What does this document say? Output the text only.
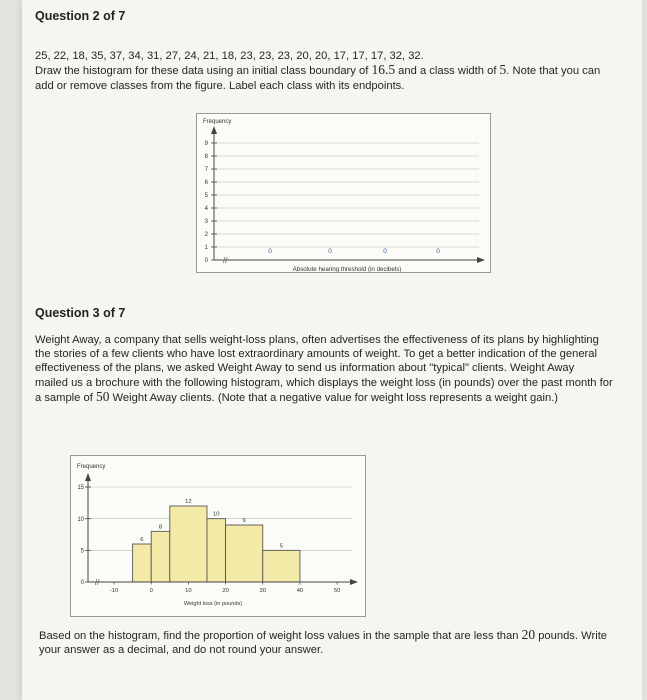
Question 2 of 7
25, 22, 18, 35, 37, 34, 31, 27, 24, 21, 18, 23, 23, 23, 20, 20, 17, 17, 17, 32, 32.
Draw the histogram for these data using an initial class boundary of 16.5 and a class width of 5. Note that you can
add or remove classes from the figure. Label each class with its endpoints.
Frequency
0
1
2
3
4
5
6
7
8
9
//
0	0	0	0
Absolute hearing threshold (in decibels)
Question 3 of 7
Weight Away, a company that sells weight-loss plans, often advertises the effectiveness of its plans by highlighting
the stories of a few clients who have lost extraordinary amounts of weight. To get a better indication of the general
effectiveness of the plans, we asked Weight Away to send us information about "typical" clients. Weight Away
mailed us a brochure with the following histogram, which displays the weight loss (in pounds) over the past month for
a sample of 50 Weight Away clients. (Note that a negative value for weight loss represents a weight gain.)
Frequency
6
8
12
10
9
5
//
0
5
10
15
-10	0	10	20	30	40	50
Weight loss (in pounds)
Based on the histogram, find the proportion of weight loss values in the sample that are less than 20 pounds. Write
your answer as a decimal, and do not round your answer.
